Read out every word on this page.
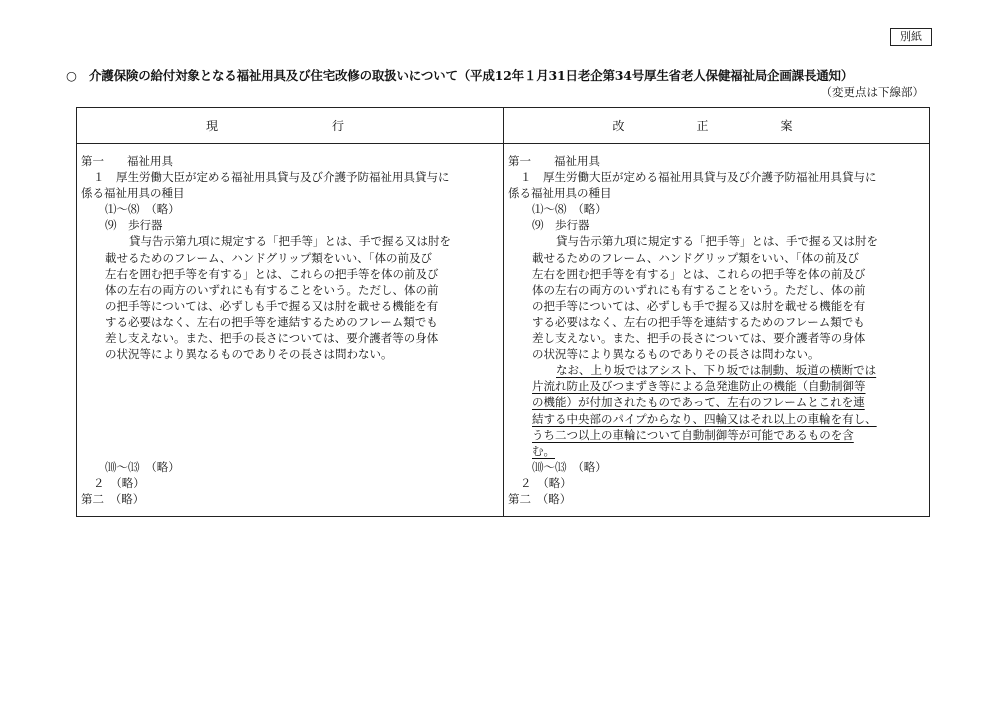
別紙
○　介護保険の給付対象となる福祉用具及び住宅改修の取扱いについて（平成12年１月31日老企第34号厚生省老人保健福祉局企画課長通知）
（変更点は下線部）
現　　行	改　正　案

第一　　福祉用具

１　厚生労働大臣が定める福祉用具貸与及び介護予防福祉用具貸与に

係る福祉用具の種目

⑴～⑻　（略）

⑼　歩行器

貸与告示第九項に規定する「把手等」とは、手で握る又は肘を

載せるためのフレーム、ハンドグリップ類をいい、「体の前及び

左右を囲む把手等を有する」とは、これらの把手等を体の前及び

体の左右の両方のいずれにも有することをいう。ただし、体の前

の把手等については、必ずしも手で握る又は肘を載せる機能を有

する必要はなく、左右の把手等を連結するためのフレーム類でも

差し支えない。また、把手の長さについては、要介護者等の身体

の状況等により異なるものでありその長さは問わない。

⑽～⒀　（略）

２　（略）

第二　（略）

第一　　福祉用具

１　厚生労働大臣が定める福祉用具貸与及び介護予防福祉用具貸与に

係る福祉用具の種目

⑴～⑻　（略）

⑼　歩行器

貸与告示第九項に規定する「把手等」とは、手で握る又は肘を

載せるためのフレーム、ハンドグリップ類をいい、「体の前及び

左右を囲む把手等を有する」とは、これらの把手等を体の前及び

体の左右の両方のいずれにも有することをいう。ただし、体の前

の把手等については、必ずしも手で握る又は肘を載せる機能を有

する必要はなく、左右の把手等を連結するためのフレーム類でも

差し支えない。また、把手の長さについては、要介護者等の身体

の状況等により異なるものでありその長さは問わない。

なお、上り坂ではアシスト、下り坂では制動、坂道の横断では

片流れ防止及びつまずき等による急発進防止の機能（自動制御等

の機能）が付加されたものであって、左右のフレームとこれを連

結する中央部のパイプからなり、四輪又はそれ以上の車輪を有し、

うち二つ以上の車輪について自動制御等が可能であるものを含

む。

⑽～⒀　（略）

２　（略）

第二　（略）
